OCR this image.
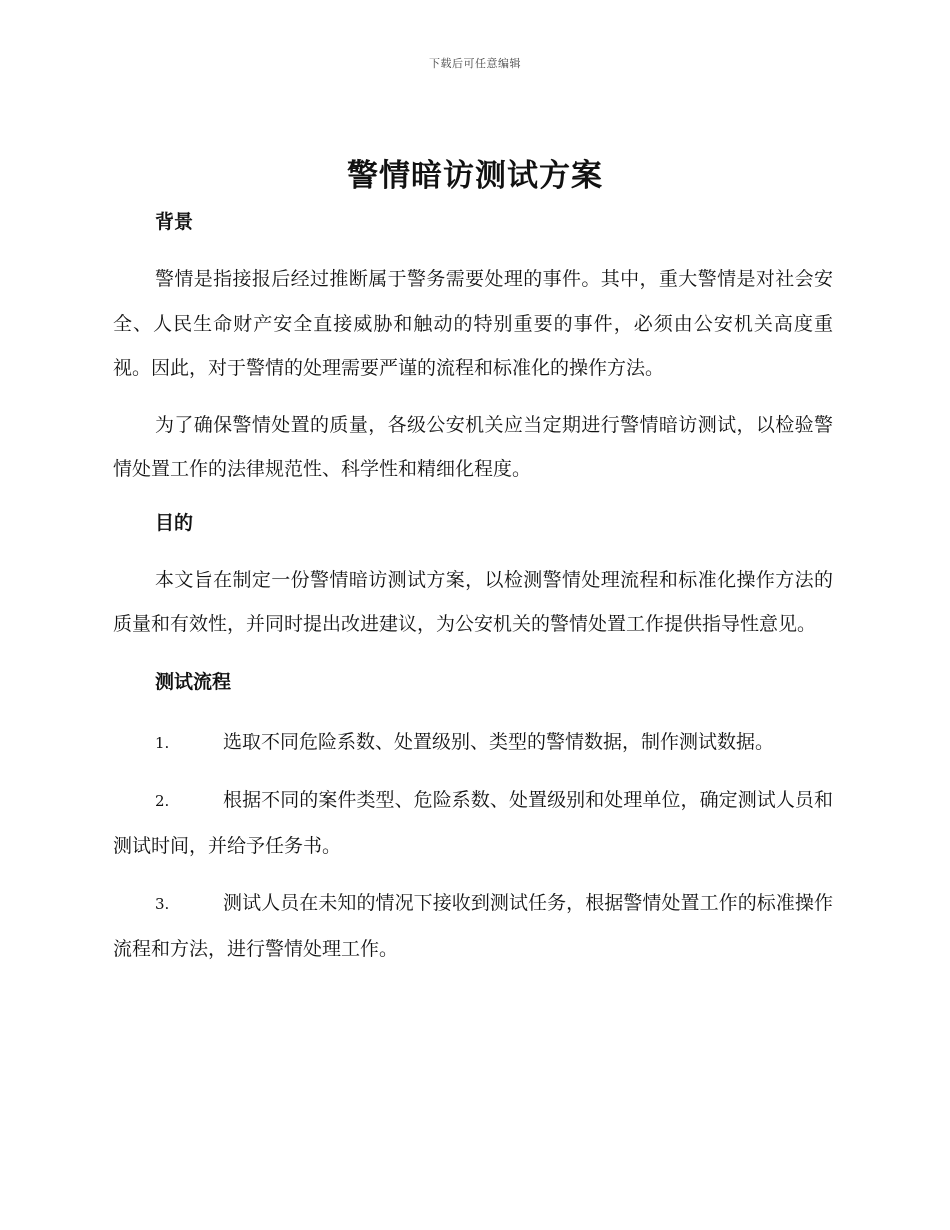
下载后可任意编辑
警情暗访测试方案
背景

警情是指接报后经过推断属于警务需要处理的事件。其中，重大警情是对社会安全、人民生命财产安全直接威胁和触动的特别重要的事件，必须由公安机关高度重视。因此，对于警情的处理需要严谨的流程和标准化的操作方法。

为了确保警情处置的质量，各级公安机关应当定期进行警情暗访测试，以检验警情处置工作的法律规范性、科学性和精细化程度。

目的

本文旨在制定一份警情暗访测试方案，以检测警情处理流程和标准化操作方法的质量和有效性，并同时提出改进建议，为公安机关的警情处置工作提供指导性意见。

测试流程

1.	选取不同危险系数、处置级别、类型的警情数据，制作测试数据。

2.	根据不同的案件类型、危险系数、处置级别和处理单位，确定测试人员和测试时间，并给予任务书。

3.	测试人员在未知的情况下接收到测试任务，根据警情处置工作的标准操作流程和方法，进行警情处理工作。
